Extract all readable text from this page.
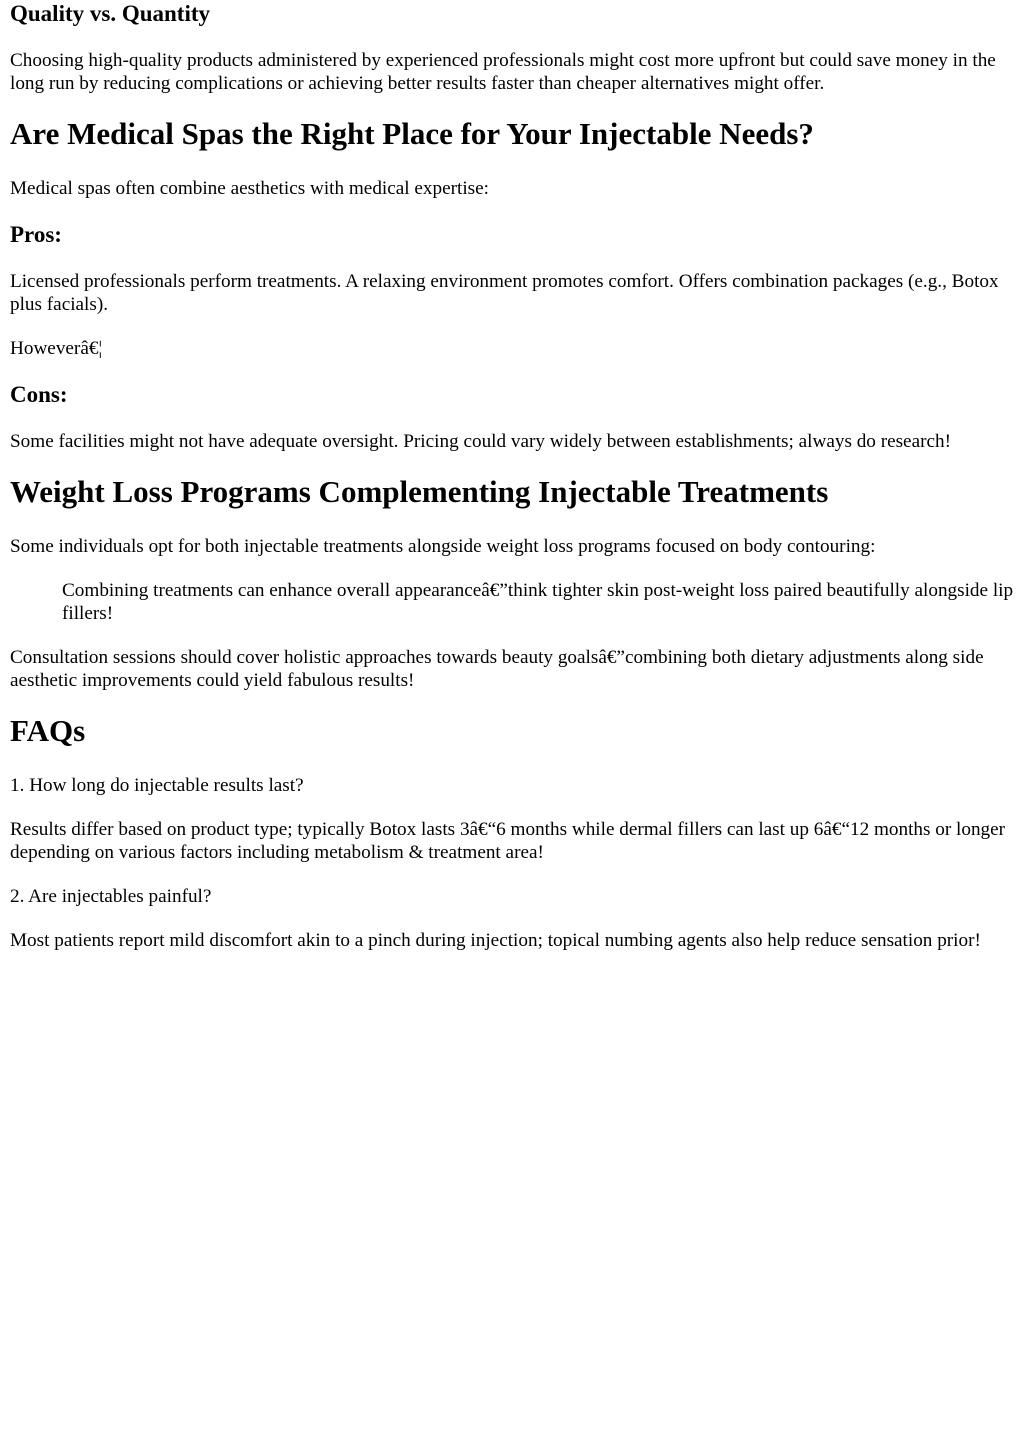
Quality vs. Quantity

Choosing high-quality products administered by experienced professionals might cost more upfront but could save money in the long run by reducing complications or achieving better results faster than cheaper alternatives might offer.

Are Medical Spas the Right Place for Your Injectable Needs?

Medical spas often combine aesthetics with medical expertise:

Pros:

Licensed professionals perform treatments. A relaxing environment promotes comfort. Offers combination packages (e.g., Botox plus facials).

Howeverâ€¦

Cons:

Some facilities might not have adequate oversight. Pricing could vary widely between establishments; always do research!

Weight Loss Programs Complementing Injectable Treatments

Some individuals opt for both injectable treatments alongside weight loss programs focused on body contouring:

Combining treatments can enhance overall appearanceâ€”think tighter skin post-weight loss paired beautifully alongside lip fillers!

Consultation sessions should cover holistic approaches towards beauty goalsâ€”combining both dietary adjustments along side aesthetic improvements could yield fabulous results!

FAQs

1. How long do injectable results last?

Results differ based on product type; typically Botox lasts 3â€“6 months while dermal fillers can last up 6â€“12 months or longer depending on various factors including metabolism & treatment area!

2. Are injectables painful?

Most patients report mild discomfort akin to a pinch during injection; topical numbing agents also help reduce sensation prior!
